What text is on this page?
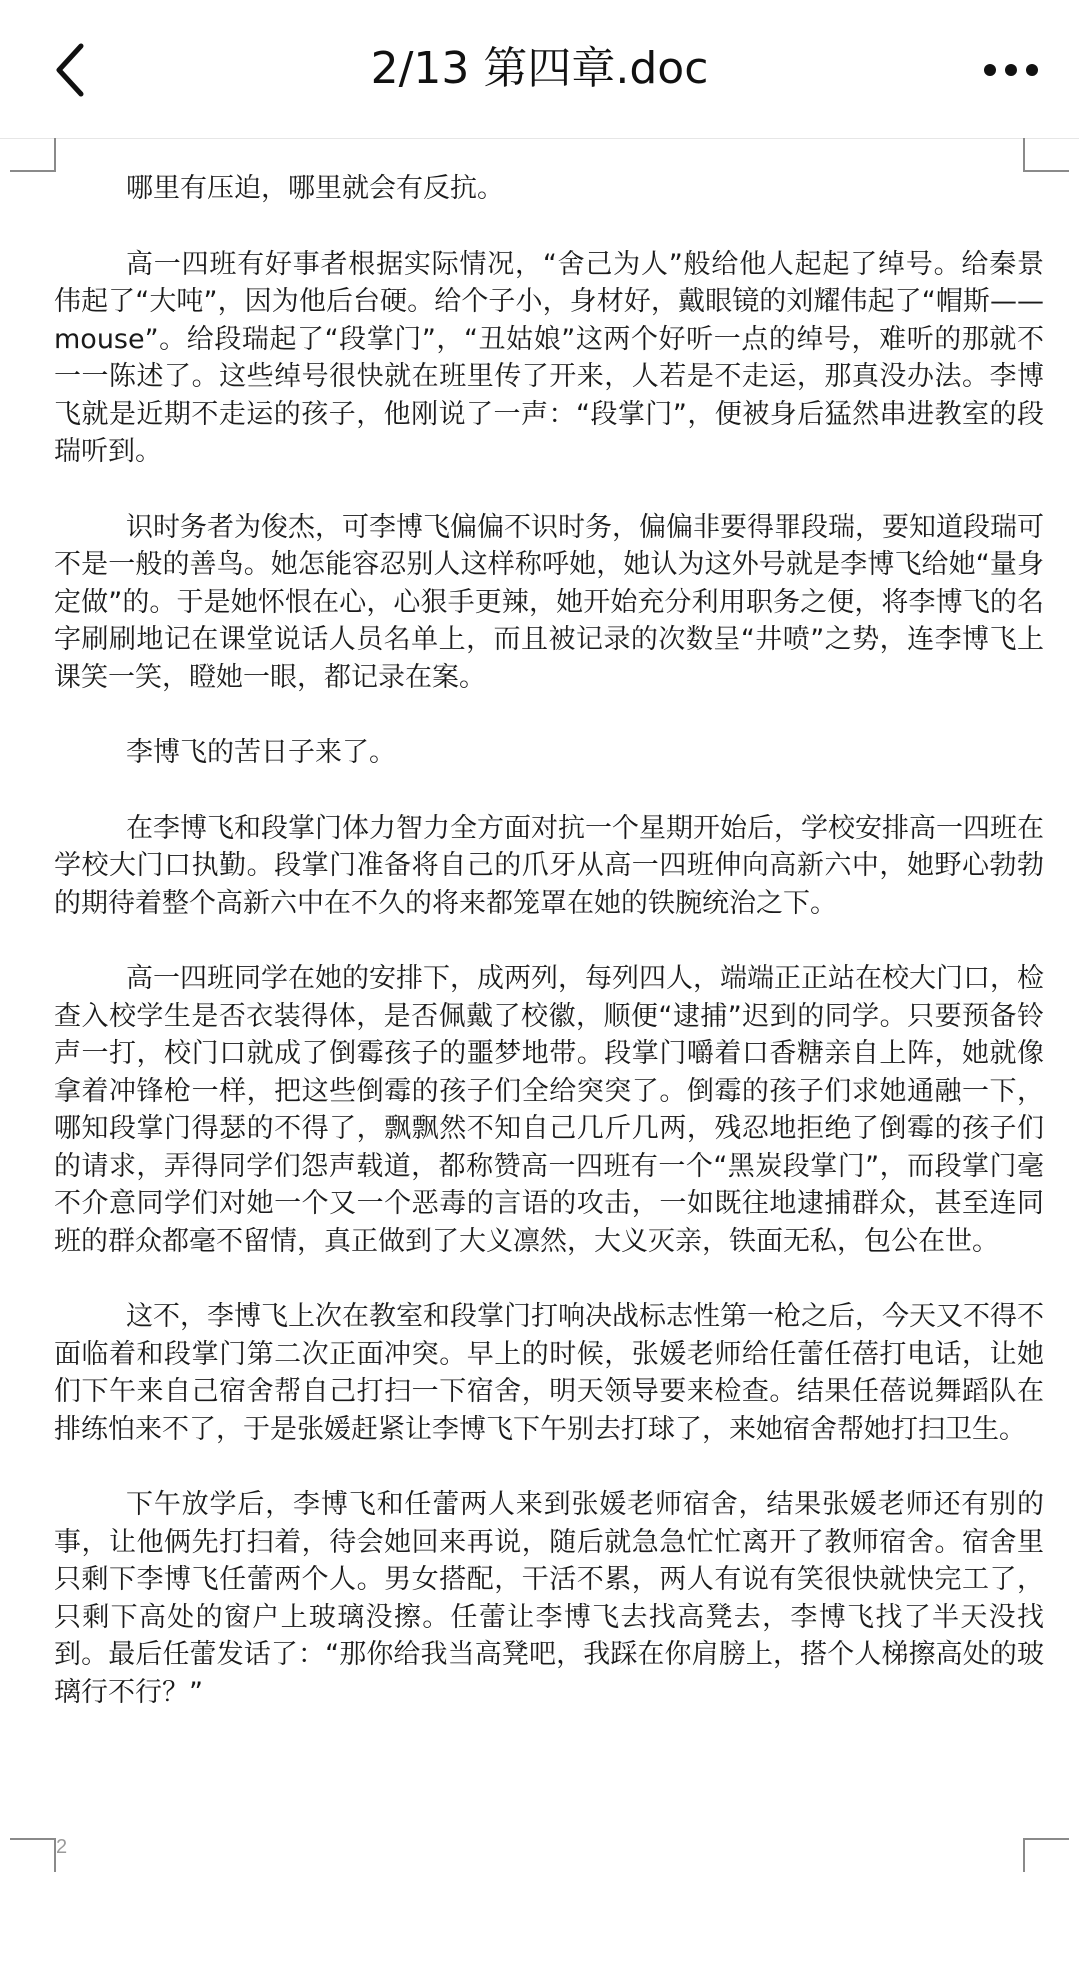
2/13 第四章.doc
2

哪里有压迫，哪里就会有反抗。

高一四班有好事者根据实际情况，“舍己为人”般给他人起起了绰号。给秦景伟起了“大吨”，因为他后台硬。给个子小，身材好，戴眼镜的刘耀伟起了“帽斯——mouse”。给段瑞起了“段掌门”，“丑姑娘”这两个好听一点的绰号，难听的那就不一一陈述了。这些绰号很快就在班里传了开来，人若是不走运，那真没办法。李博飞就是近期不走运的孩子，他刚说了一声：“段掌门”，便被身后猛然串进教室的段瑞听到。

识时务者为俊杰，可李博飞偏偏不识时务，偏偏非要得罪段瑞，要知道段瑞可不是一般的善鸟。她怎能容忍别人这样称呼她，她认为这外号就是李博飞给她“量身定做”的。于是她怀恨在心，心狠手更辣，她开始充分利用职务之便，将李博飞的名字刷刷地记在课堂说话人员名单上，而且被记录的次数呈“井喷”之势，连李博飞上课笑一笑，瞪她一眼，都记录在案。

李博飞的苦日子来了。

在李博飞和段掌门体力智力全方面对抗一个星期开始后，学校安排高一四班在学校大门口执勤。段掌门准备将自己的爪牙从高一四班伸向高新六中，她野心勃勃的期待着整个高新六中在不久的将来都笼罩在她的铁腕统治之下。

高一四班同学在她的安排下，成两列，每列四人，端端正正站在校大门口，检查入校学生是否衣装得体，是否佩戴了校徽，顺便“逮捕”迟到的同学。只要预备铃声一打，校门口就成了倒霉孩子的噩梦地带。段掌门嚼着口香糖亲自上阵，她就像拿着冲锋枪一样，把这些倒霉的孩子们全给突突了。倒霉的孩子们求她通融一下，哪知段掌门得瑟的不得了，飘飘然不知自己几斤几两，残忍地拒绝了倒霉的孩子们的请求，弄得同学们怨声载道，都称赞高一四班有一个“黑炭段掌门”，而段掌门毫不介意同学们对她一个又一个恶毒的言语的攻击，一如既往地逮捕群众，甚至连同班的群众都毫不留情，真正做到了大义凛然，大义灭亲，铁面无私，包公在世。

这不，李博飞上次在教室和段掌门打响决战标志性第一枪之后，今天又不得不面临着和段掌门第二次正面冲突。早上的时候，张媛老师给任蕾任蓓打电话，让她们下午来自己宿舍帮自己打扫一下宿舍，明天领导要来检查。结果任蓓说舞蹈队在排练怕来不了，于是张媛赶紧让李博飞下午别去打球了，来她宿舍帮她打扫卫生。

下午放学后，李博飞和任蕾两人来到张媛老师宿舍，结果张媛老师还有别的事，让他俩先打扫着，待会她回来再说，随后就急急忙忙离开了教师宿舍。宿舍里只剩下李博飞任蕾两个人。男女搭配，干活不累，两人有说有笑很快就快完工了，只剩下高处的窗户上玻璃没擦。任蕾让李博飞去找高凳去，李博飞找了半天没找到。最后任蕾发话了：“那你给我当高凳吧，我踩在你肩膀上，搭个人梯擦高处的玻璃行不行？”
